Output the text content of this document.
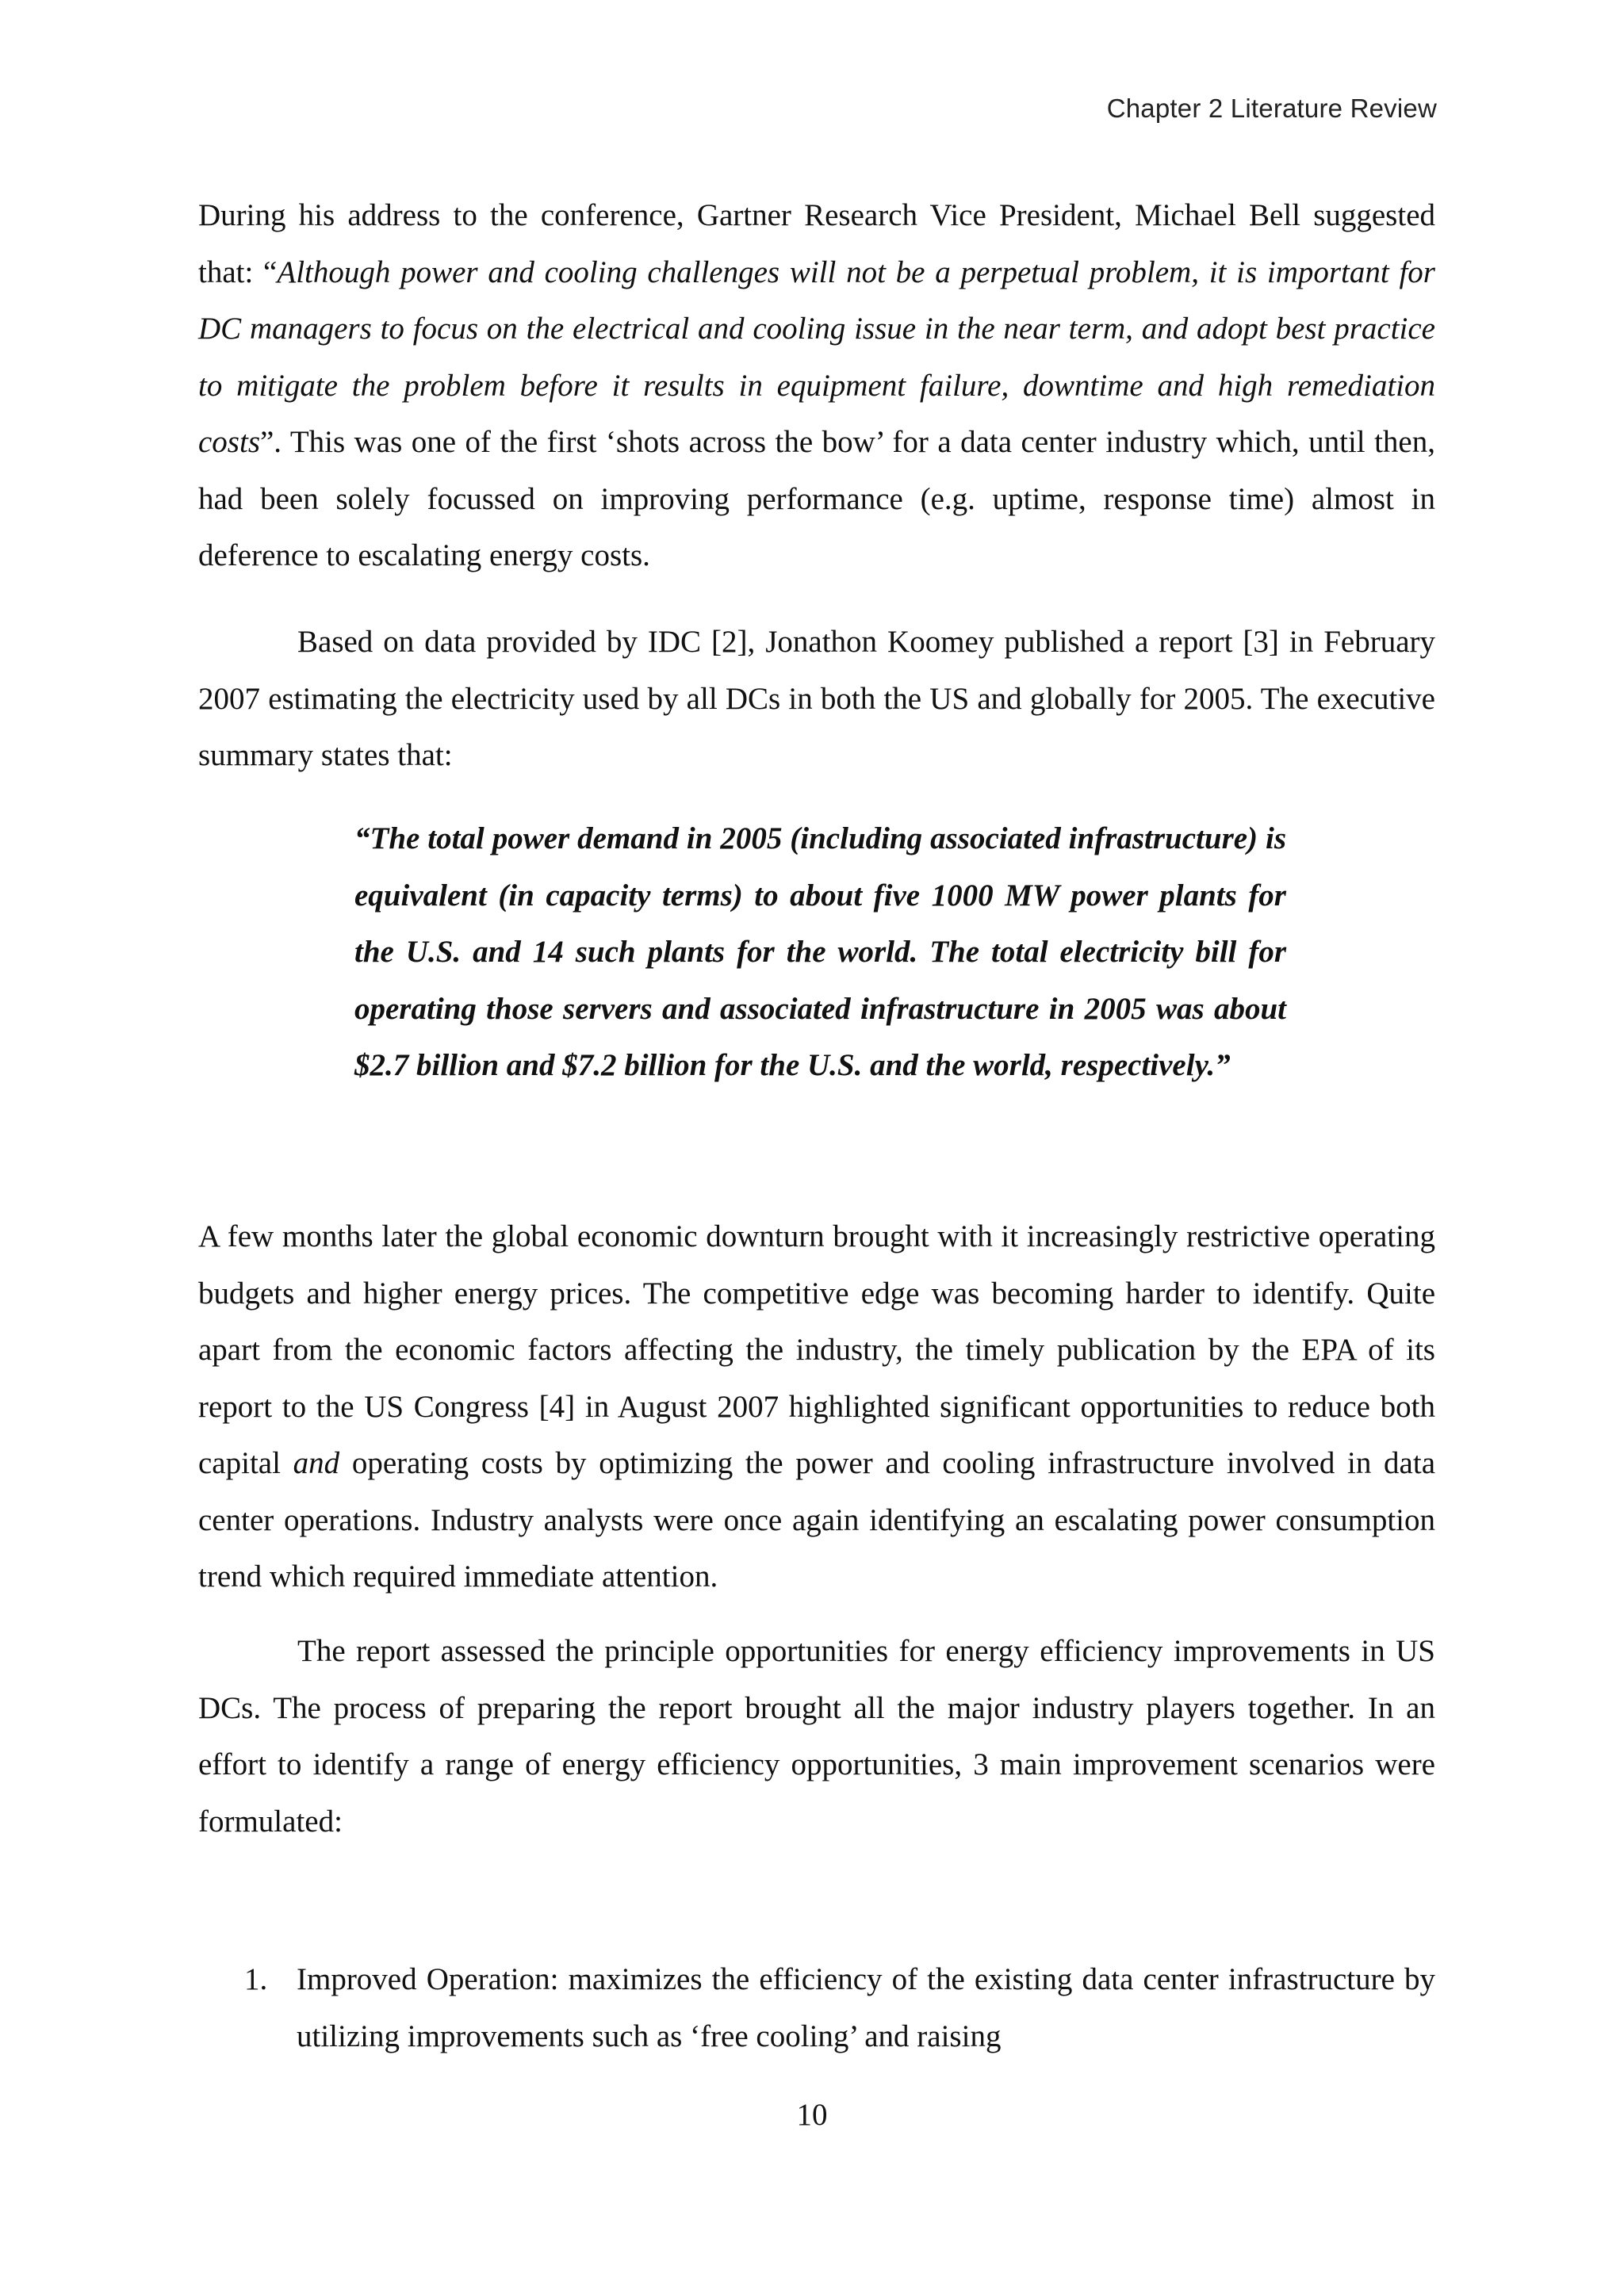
Chapter 2 Literature Review

During his address to the conference, Gartner Research Vice President, Michael Bell suggested that: “Although power and cooling challenges will not be a perpetual problem, it is important for DC managers to focus on the electrical and cooling issue in the near term, and adopt best practice to mitigate the problem before it results in equipment failure, downtime and high remediation costs”. This was one of the first ‘shots across the bow’ for a data center industry which, until then, had been solely focussed on improving performance (e.g. uptime, response time) almost in deference to escalating energy costs.

Based on data provided by IDC [2], Jonathon Koomey published a report [3] in February 2007 estimating the electricity used by all DCs in both the US and globally for 2005. The executive summary states that:

“The total power demand in 2005 (including associated infrastructure) is equivalent (in capacity terms) to about five 1000 MW power plants for the U.S. and 14 such plants for the world. The total electricity bill for operating those servers and associated infrastructure in 2005 was about $2.7 billion and $7.2 billion for the U.S. and the world, respectively.”

A few months later the global economic downturn brought with it increasingly restrictive operating budgets and higher energy prices. The competitive edge was becoming harder to identify. Quite apart from the economic factors affecting the industry, the timely publication by the EPA of its report to the US Congress [4] in August 2007 highlighted significant opportunities to reduce both capital and operating costs by optimizing the power and cooling infrastructure involved in data center operations. Industry analysts were once again identifying an escalating power consumption trend which required immediate attention.

The report assessed the principle opportunities for energy efficiency improvements in US DCs. The process of preparing the report brought all the major industry players together. In an effort to identify a range of energy efficiency opportunities, 3 main improvement scenarios were formulated:

1. Improved Operation: maximizes the efficiency of the existing data center infrastructure by utilizing improvements such as ‘free cooling’ and raising
10
